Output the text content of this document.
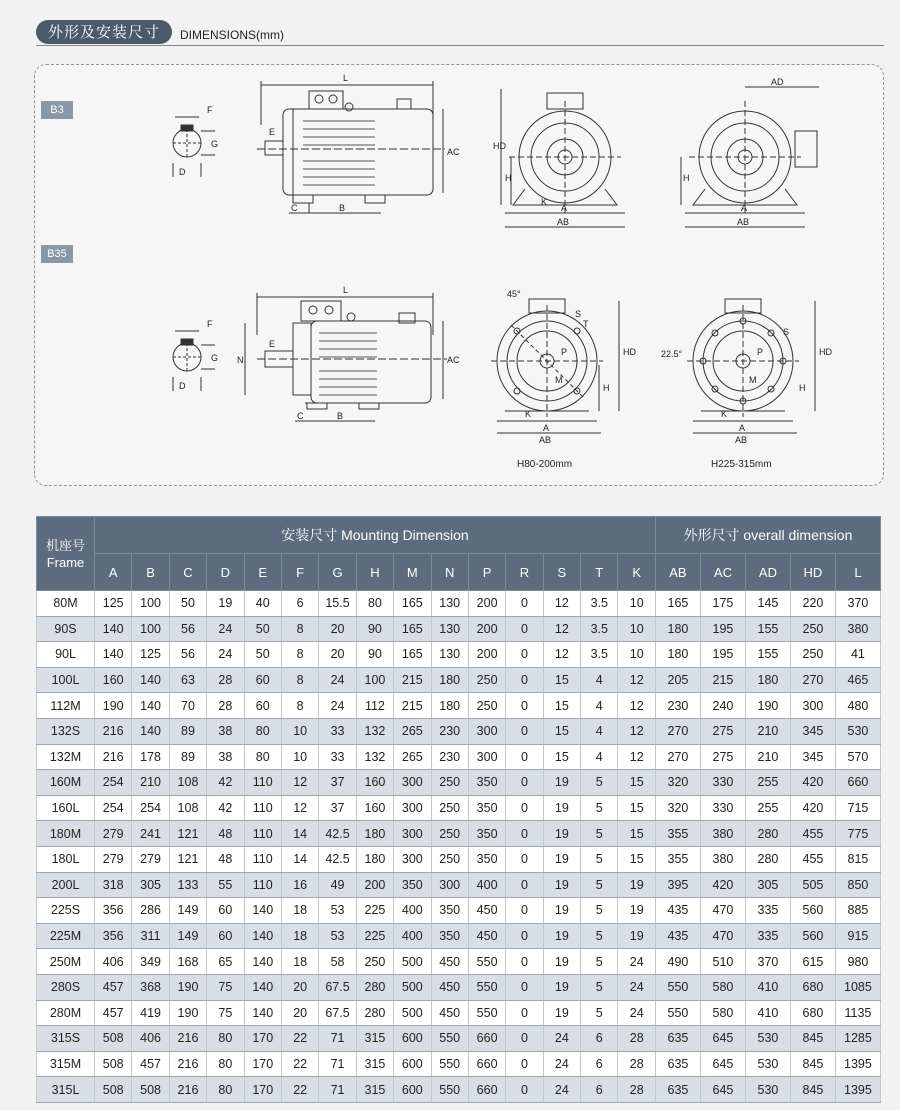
外形及安装尺寸	DIMENSIONS(mm)
B3
B35
F
G
D
L
AC
E
C	B
HD
H
A
K
AB
AD
H
A
AB
F
G
D
L
AC
E
N
C	B
45°
P
M
S
T
HD
H
K
A
AB
H80-200mm
22.5°	P
M
S
HD
H
K
A
AB
H225-315mm
机座号
Frame	安装尺寸 Mounting Dimension															外形尺寸 overall dimension				
	A	B	C	D	E	F	G	H	M	N	P	R	S	T	K	AB	AC	AD	HD	L
80M	125	100	50	19	40	6	15.5	80	165	130	200	0	12	3.5	10	165	175	145	220	370
90S	140	100	56	24	50	8	20	90	165	130	200	0	12	3.5	10	180	195	155	250	380
90L	140	125	56	24	50	8	20	90	165	130	200	0	12	3.5	10	180	195	155	250	41
100L	160	140	63	28	60	8	24	100	215	180	250	0	15	4	12	205	215	180	270	465
112M	190	140	70	28	60	8	24	112	215	180	250	0	15	4	12	230	240	190	300	480
132S	216	140	89	38	80	10	33	132	265	230	300	0	15	4	12	270	275	210	345	530
132M	216	178	89	38	80	10	33	132	265	230	300	0	15	4	12	270	275	210	345	570
160M	254	210	108	42	110	12	37	160	300	250	350	0	19	5	15	320	330	255	420	660
160L	254	254	108	42	110	12	37	160	300	250	350	0	19	5	15	320	330	255	420	715
180M	279	241	121	48	110	14	42.5	180	300	250	350	0	19	5	15	355	380	280	455	775
180L	279	279	121	48	110	14	42.5	180	300	250	350	0	19	5	15	355	380	280	455	815
200L	318	305	133	55	110	16	49	200	350	300	400	0	19	5	19	395	420	305	505	850
225S	356	286	149	60	140	18	53	225	400	350	450	0	19	5	19	435	470	335	560	885
225M	356	311	149	60	140	18	53	225	400	350	450	0	19	5	19	435	470	335	560	915
250M	406	349	168	65	140	18	58	250	500	450	550	0	19	5	24	490	510	370	615	980
280S	457	368	190	75	140	20	67.5	280	500	450	550	0	19	5	24	550	580	410	680	1085
280M	457	419	190	75	140	20	67.5	280	500	450	550	0	19	5	24	550	580	410	680	1135
315S	508	406	216	80	170	22	71	315	600	550	660	0	24	6	28	635	645	530	845	1285
315M	508	457	216	80	170	22	71	315	600	550	660	0	24	6	28	635	645	530	845	1395
315L	508	508	216	80	170	22	71	315	600	550	660	0	24	6	28	635	645	530	845	1395
